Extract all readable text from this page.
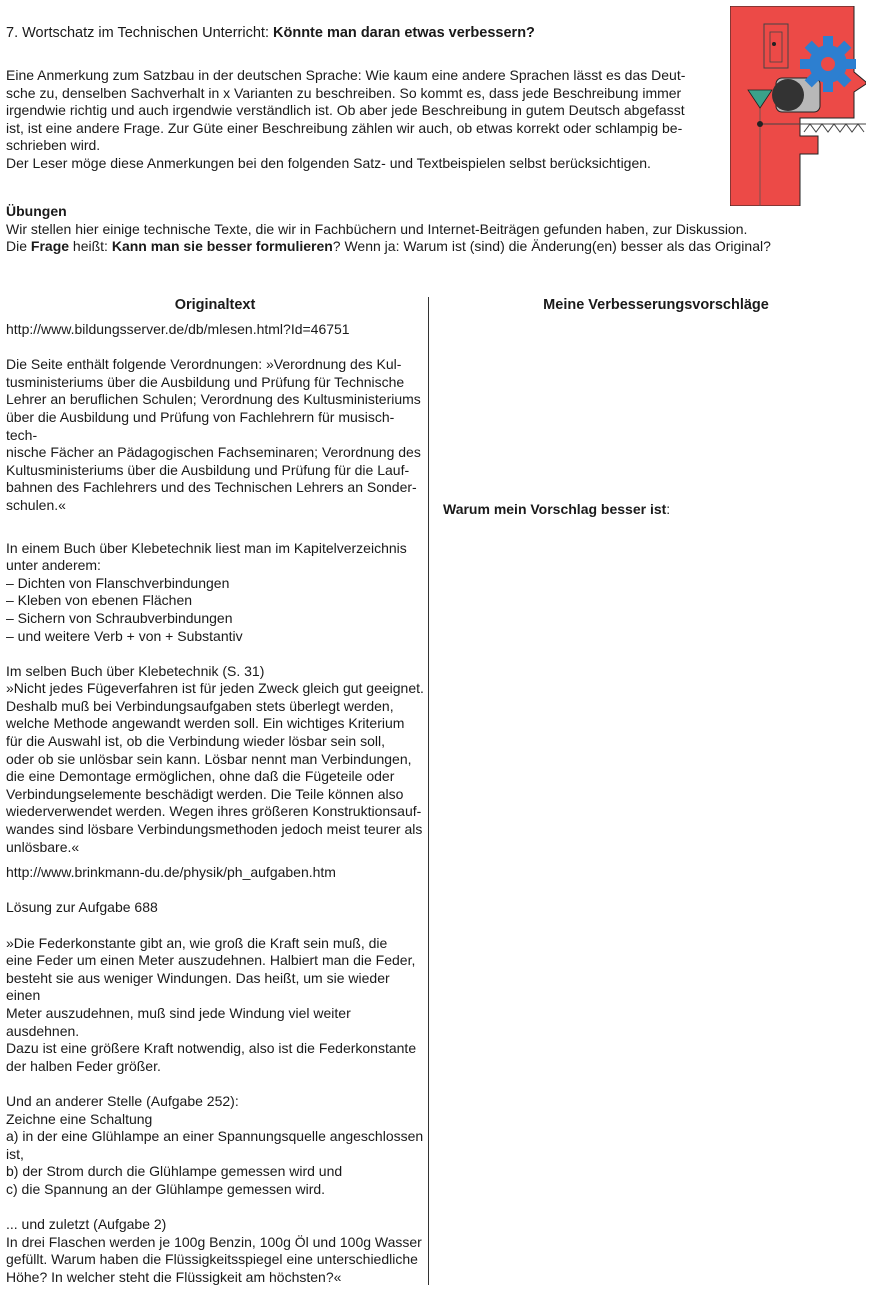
7. Wortschatz im Technischen Unterricht: Könnte man daran etwas verbessern?
Eine Anmerkung zum Satzbau in der deutschen Sprache: Wie kaum eine andere Sprachen lässt es das Deut-
sche zu, denselben Sachverhalt in x Varianten zu beschreiben. So kommt es, dass jede Beschreibung immer
irgendwie richtig und auch irgendwie verständlich ist. Ob aber jede Beschreibung in gutem Deutsch abgefasst
ist, ist eine andere Frage. Zur Güte einer Beschreibung zählen wir auch, ob etwas korrekt oder schlampig be-
schrieben wird.
Der Leser möge diese Anmerkungen bei den folgenden Satz- und Textbeispielen selbst berücksichtigen.
Übungen
Wir stellen hier einige technische Texte, die wir in Fachbüchern und Internet-Beiträgen gefunden haben, zur Diskussion.
Die Frage heißt: Kann man sie besser formulieren? Wenn ja: Warum ist (sind) die Änderung(en) besser als das Original?
Originaltext	Meine Verbesserungsvorschläge

http://www.bildungsserver.de/db/mlesen.html?Id=46751

Die Seite enthält folgende Verordnungen: »Verordnung des Kul-
tusministeriums über die Ausbildung und Prüfung für Technische
Lehrer an beruflichen Schulen; Verordnung des Kultusministeriums
über die Ausbildung und Prüfung von Fachlehrern für musisch-tech-
nische Fächer an Pädagogischen Fachseminaren; Verordnung des
Kultusministeriums über die Ausbildung und Prüfung für die Lauf-
bahnen des Fachlehrers und des Technischen Lehrers an Sonder-
schulen.«

In einem Buch über Klebetechnik liest man im Kapitelverzeichnis
unter anderem:
– Dichten von Flanschverbindungen
– Kleben von ebenen Flächen
– Sichern von Schraubverbindungen
– und weitere Verb + von + Substantiv

Im selben Buch über Klebetechnik (S. 31)
»Nicht jedes Fügeverfahren ist für jeden Zweck gleich gut geeignet.
Deshalb muß bei Verbindungsaufgaben stets überlegt werden,
welche Methode angewandt werden soll. Ein wichtiges Kriterium
für die Auswahl ist, ob die Verbindung wieder lösbar sein soll,
oder ob sie unlösbar sein kann. Lösbar nennt man Verbindungen,
die eine Demontage ermöglichen, ohne daß die Fügeteile oder
Verbindungselemente beschädigt werden. Die Teile können also
wiederverwendet werden. Wegen ihres größeren Konstruktionsauf-
wandes sind lösbare Verbindungsmethoden jedoch meist teurer als
unlösbare.«

http://www.brinkmann-du.de/physik/ph_aufgaben.htm

Lösung zur Aufgabe 688

»Die Federkonstante gibt an, wie groß die Kraft sein muß, die
eine Feder um einen Meter auszudehnen. Halbiert man die Feder,
besteht sie aus weniger Windungen. Das heißt, um sie wieder einen
Meter auszudehnen, muß sind jede Windung viel weiter ausdehnen.
Dazu ist eine größere Kraft notwendig, also ist die Federkonstante
der halben Feder größer.

Und an anderer Stelle (Aufgabe 252):
Zeichne eine Schaltung
a) in der eine Glühlampe an einer Spannungsquelle angeschlossen
ist,
b) der Strom durch die Glühlampe gemessen wird und
c) die Spannung an der Glühlampe gemessen wird.

... und zuletzt (Aufgabe 2)
In drei Flaschen werden je 100g Benzin, 100g Öl und 100g Wasser
gefüllt. Warum haben die Flüssigkeitsspiegel eine unterschiedliche
Höhe? In welcher steht die Flüssigkeit am höchsten?«

Warum mein Vorschlag besser ist:
